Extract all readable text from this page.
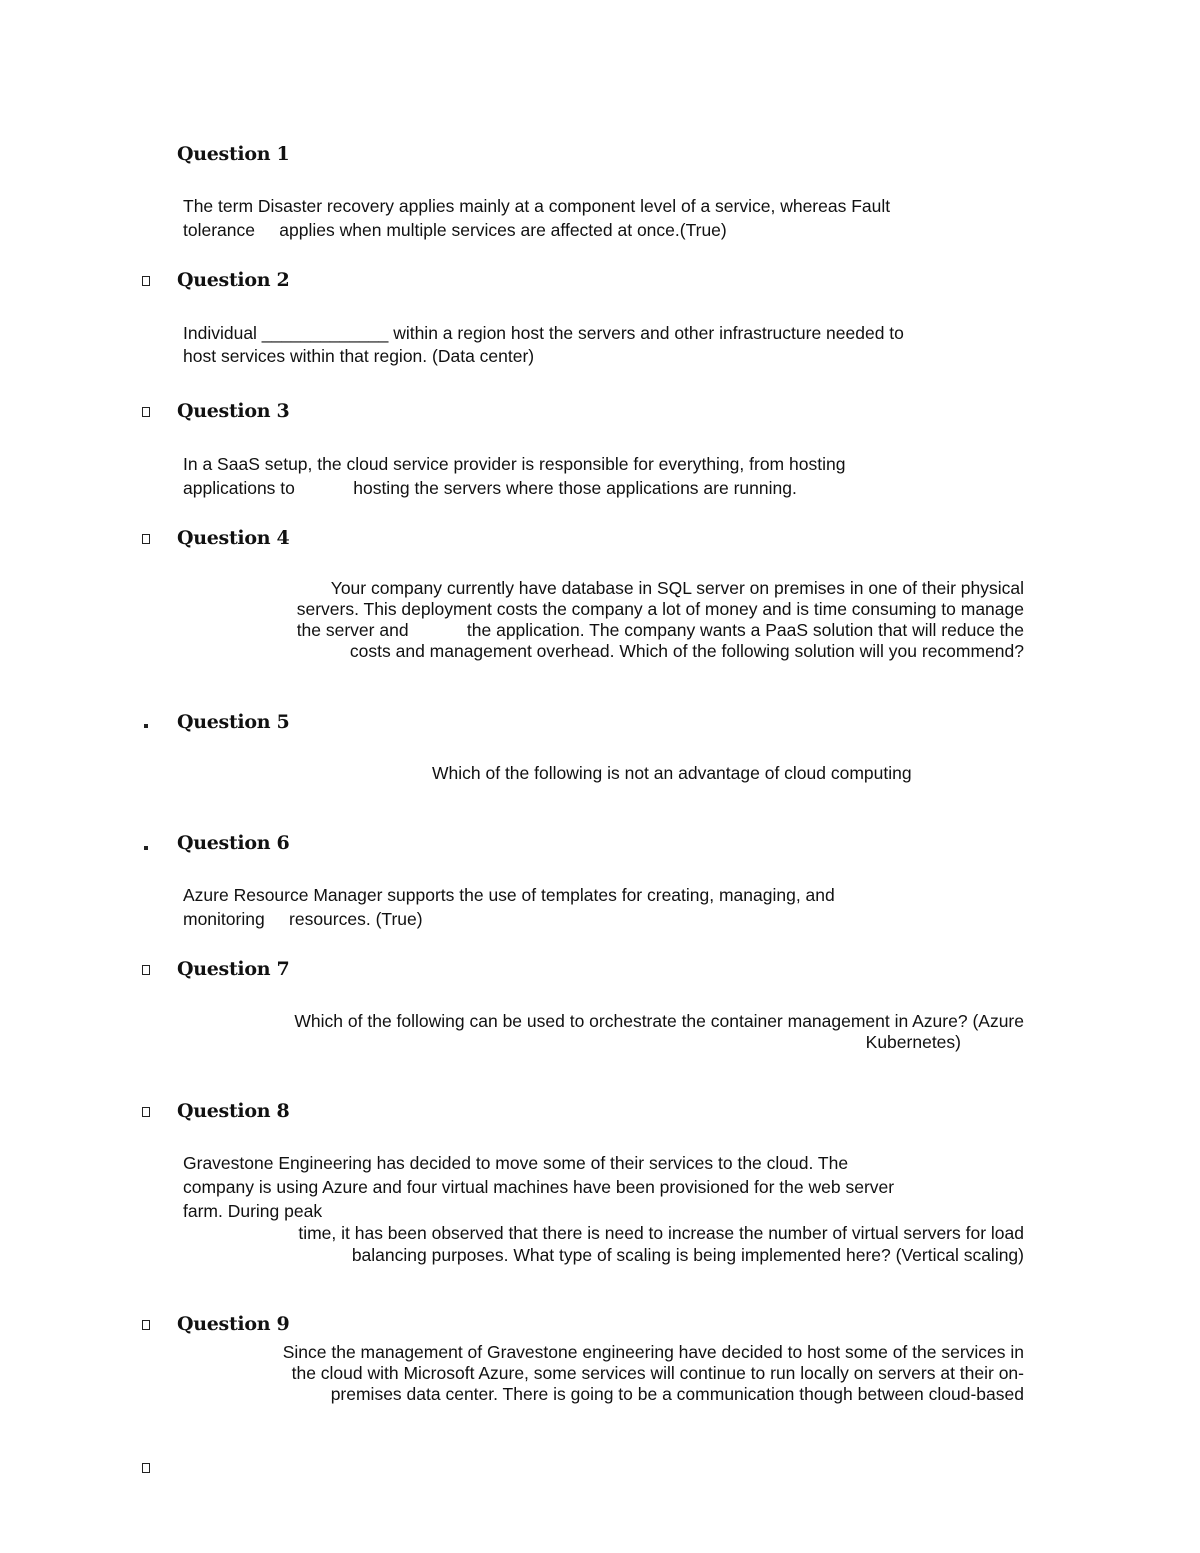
Question 1
The term Disaster recovery applies mainly at a component level of a service, whereas Fault
tolerance     applies when multiple services are affected at once.(True)
Question 2
Individual _____________ within a region host the servers and other infrastructure needed to
host services within that region. (Data center)
Question 3
In a SaaS setup, the cloud service provider is responsible for everything, from hosting
applications to            hosting the servers where those applications are running.
Question 4
Your company currently have database in SQL server on premises in one of their physical
servers. This deployment costs the company a lot of money and is time consuming to manage
the server and            the application. The company wants a PaaS solution that will reduce the
costs and management overhead. Which of the following solution will you recommend?
Question 5
Which of the following is not an advantage of cloud computing
Question 6
Azure Resource Manager supports the use of templates for creating, managing, and
monitoring     resources. (True)
Question 7
Which of the following can be used to orchestrate the container management in Azure? (Azure
Kubernetes)
Question 8
Gravestone Engineering has decided to move some of their services to the cloud. The
company is using Azure and four virtual machines have been provisioned for the web server
farm. During peak
time, it has been observed that there is need to increase the number of virtual servers for load
balancing purposes. What type of scaling is being implemented here? (Vertical scaling)
Question 9
Since the management of Gravestone engineering have decided to host some of the services in
the cloud with Microsoft Azure, some services will continue to run locally on servers at their on-
premises data center. There is going to be a communication though between cloud-based
